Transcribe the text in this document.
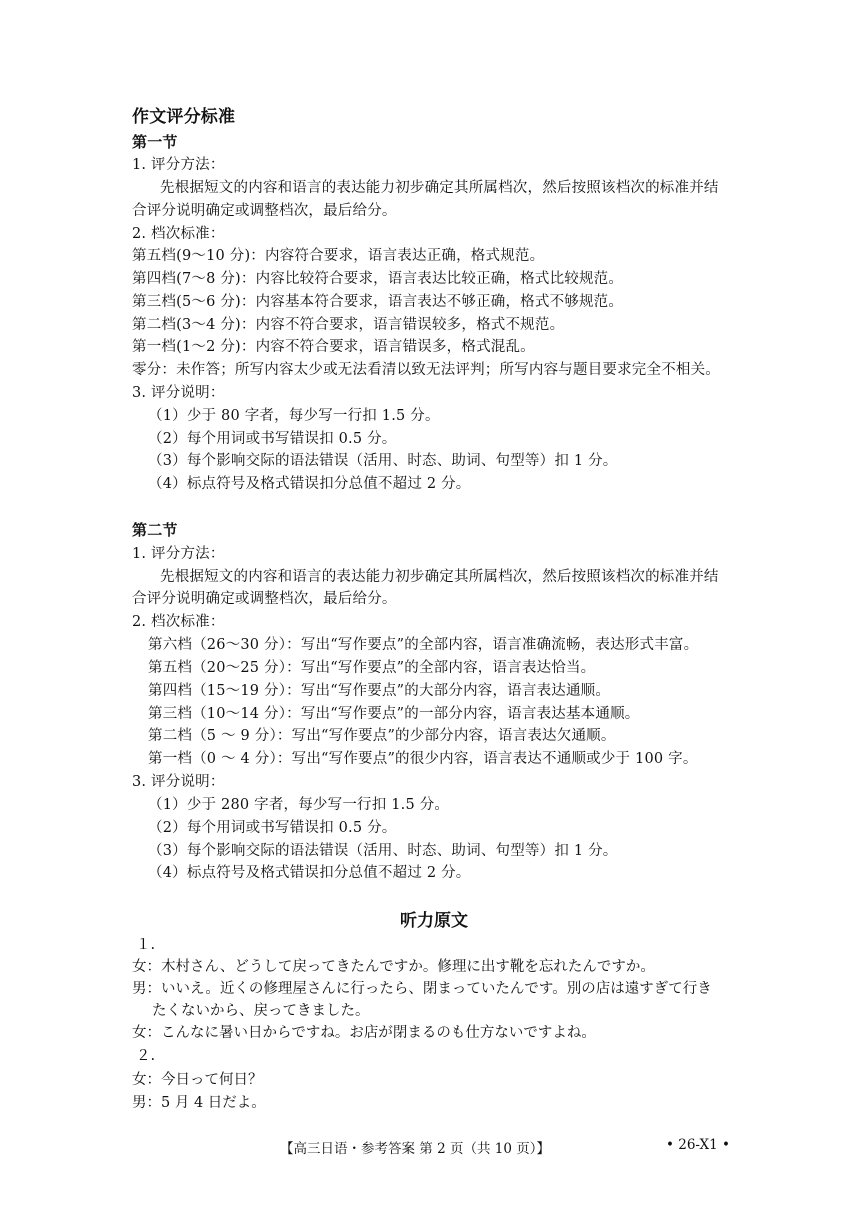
作文评分标准
第一节
1. 评分方法：
先根据短文的内容和语言的表达能力初步确定其所属档次，然后按照该档次的标准并结
合评分说明确定或调整档次，最后给分。
2. 档次标准：
第五档(9～10 分)：内容符合要求，语言表达正确，格式规范。
第四档(7～8 分)：内容比较符合要求，语言表达比较正确，格式比较规范。
第三档(5～6 分)：内容基本符合要求，语言表达不够正确，格式不够规范。
第二档(3～4 分)：内容不符合要求，语言错误较多，格式不规范。
第一档(1～2 分)：内容不符合要求，语言错误多，格式混乱。
零分：未作答；所写内容太少或无法看清以致无法评判；所写内容与题目要求完全不相关。
3. 评分说明：
（1）少于 80 字者，每少写一行扣 1.5 分。
（2）每个用词或书写错误扣 0.5 分。
（3）每个影响交际的语法错误（活用、时态、助词、句型等）扣 1 分。
（4）标点符号及格式错误扣分总值不超过 2 分。
第二节
1. 评分方法：
先根据短文的内容和语言的表达能力初步确定其所属档次，然后按照该档次的标准并结
合评分说明确定或调整档次，最后给分。
2. 档次标准：
第六档（26～30 分）：写出“写作要点”的全部内容，语言准确流畅，表达形式丰富。
第五档（20～25 分）：写出“写作要点”的全部内容，语言表达恰当。
第四档（15～19 分）：写出“写作要点”的大部分内容，语言表达通顺。
第三档（10～14 分）：写出“写作要点”的一部分内容，语言表达基本通顺。
第二档（5 ～ 9 分）：写出“写作要点”的少部分内容，语言表达欠通顺。
第一档（0 ～ 4 分）：写出“写作要点”的很少内容，语言表达不通顺或少于 100 字。
3. 评分说明：
（1）少于 280 字者，每少写一行扣 1.5 分。
（2）每个用词或书写错误扣 0.5 分。
（3）每个影响交际的语法错误（活用、时态、助词、句型等）扣 1 分。
（4）标点符号及格式错误扣分总值不超过 2 分。
听力原文
１.
女：木村さん、どうして戻ってきたんですか。修理に出す靴を忘れたんですか。
男：いいえ。近くの修理屋さんに行ったら、閉まっていたんです。別の店は遠すぎて行き
たくないから、戻ってきました。
女：こんなに暑い日からですね。お店が閉まるのも仕方ないですよね。
２.
女：今日って何日？
男：5 月 4 日だよ。
【高三日语・参考答案 第 2 页（共 10 页）】	• 26-X1 •
